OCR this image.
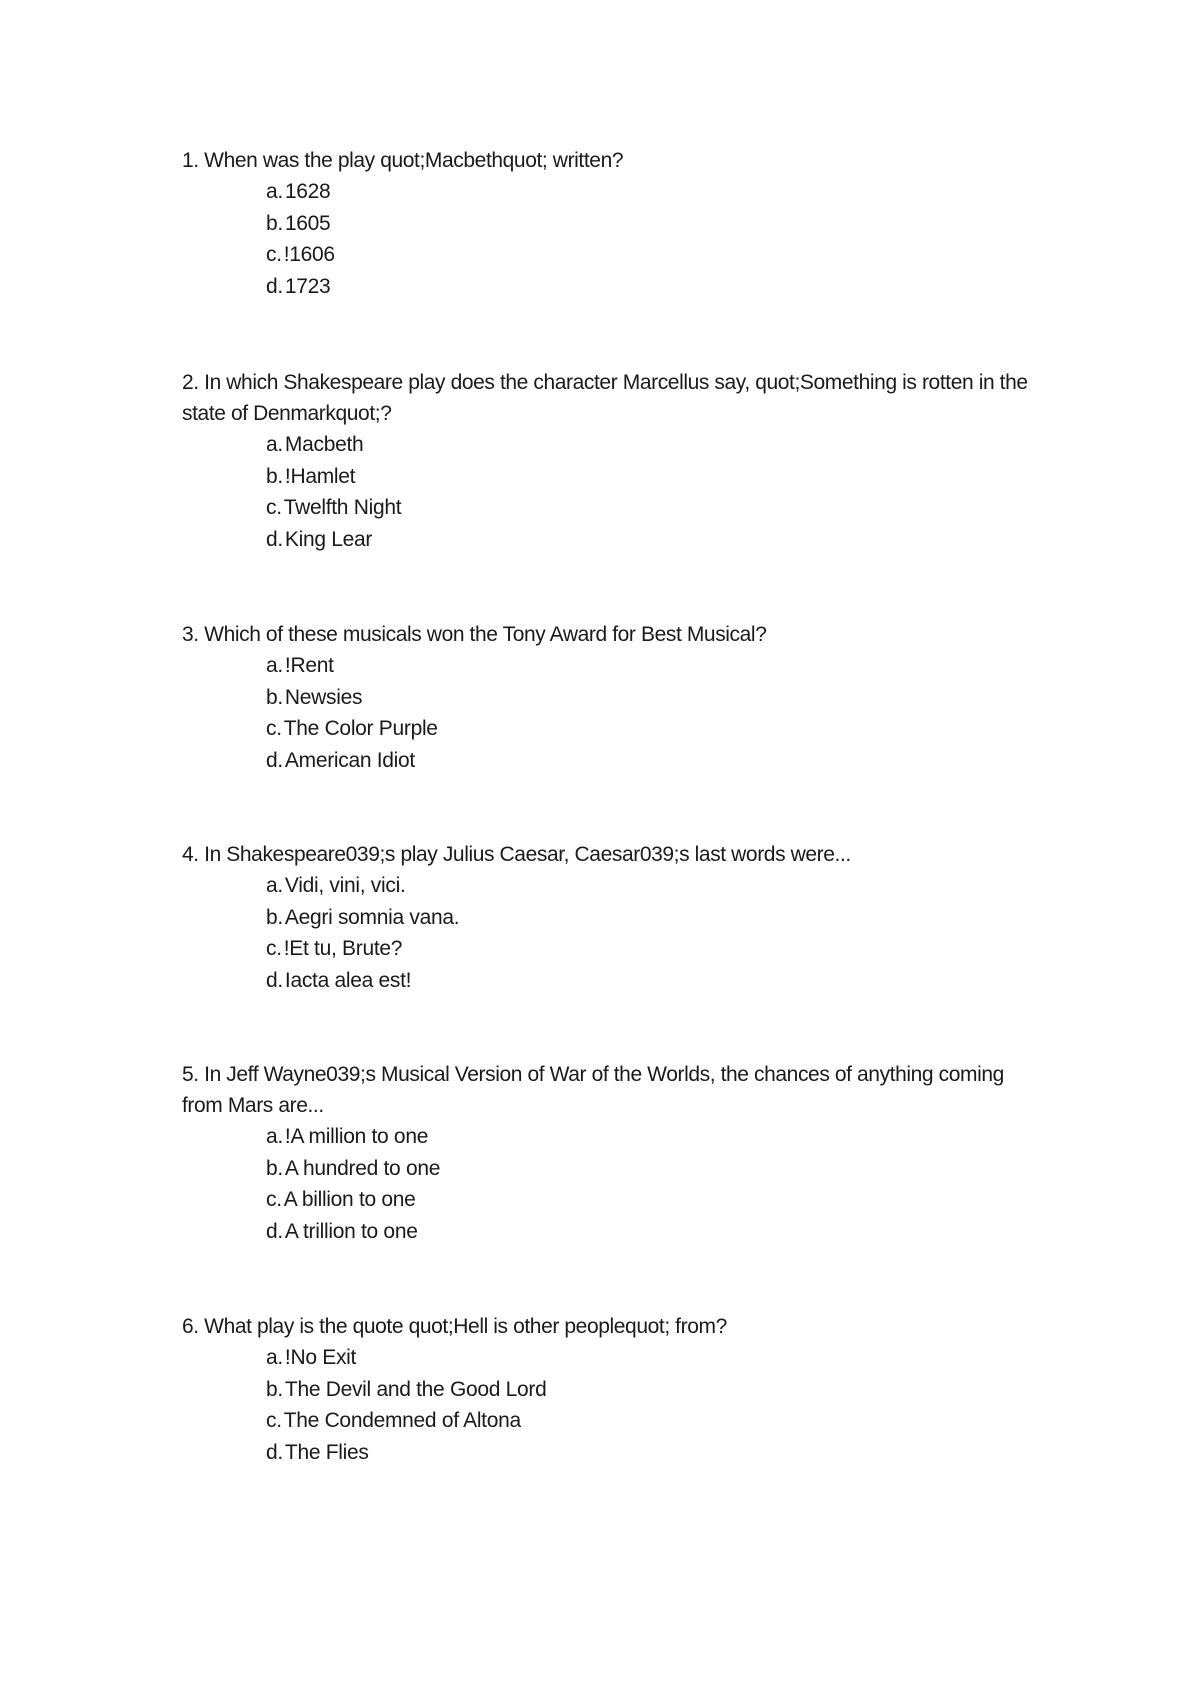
1. When was the play quot;Macbethquot; written?

a.1628
b.1605
c.!1606
d.1723

2. In which Shakespeare play does the character Marcellus say, quot;Something is rotten in the state of Denmarkquot;?

a.Macbeth
b.!Hamlet
c.Twelfth Night
d.King Lear

3. Which of these musicals won the Tony Award for Best Musical?

a.!Rent
b.Newsies
c.The Color Purple
d.American Idiot

4. In Shakespeare039;s play Julius Caesar, Caesar039;s last words were...

a.Vidi, vini, vici.
b.Aegri somnia vana.
c.!Et tu, Brute?
d.Iacta alea est!

5. In Jeff Wayne039;s Musical Version of War of the Worlds, the chances of anything coming from Mars are...

a.!A million to one
b.A hundred to one
c.A billion to one
d.A trillion to one

6. What play is the quote quot;Hell is other peoplequot; from?

a.!No Exit
b.The Devil and the Good Lord
c.The Condemned of Altona
d.The Flies
